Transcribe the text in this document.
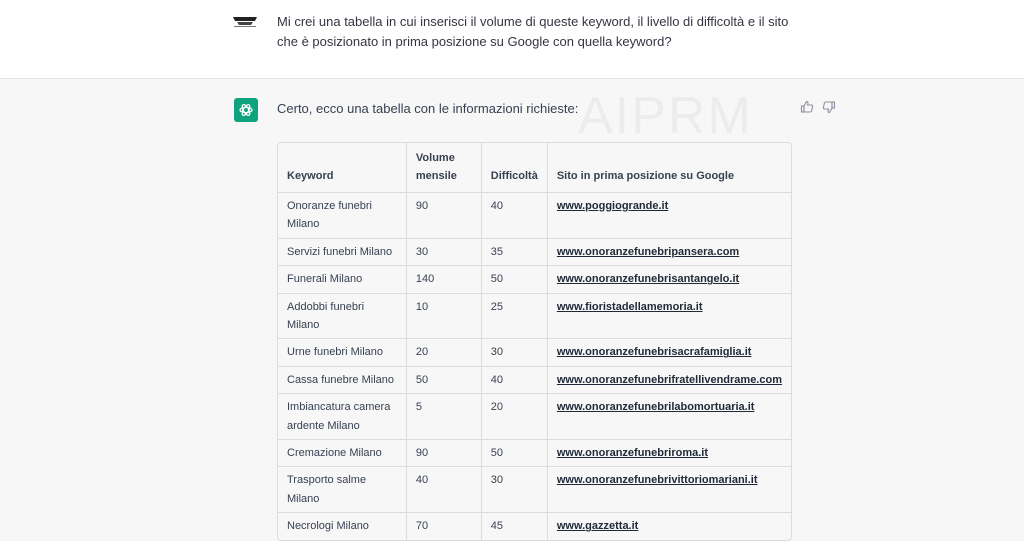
Mi crei una tabella in cui inserisci il volume di queste keyword, il livello di difficoltà e il sito che è posizionato in prima posizione su Google con quella keyword?
Certo, ecco una tabella con le informazioni richieste:
Keyword	Volume mensile	Difficoltà	Sito in prima posizione su Google
Onoranze funebri Milano	90	40	www.poggiogrande.it
Servizi funebri Milano	30	35	www.onoranzefunebripansera.com
Funerali Milano	140	50	www.onoranzefunebrisantangelo.it
Addobbi funebri Milano	10	25	www.fioristadellamemoria.it
Urne funebri Milano	20	30	www.onoranzefunebrisacrafamiglia.it
Cassa funebre Milano	50	40	www.onoranzefunebrifratellivendrame.com
Imbiancatura camera ardente Milano	5	20	www.onoranzefunebrilabomortuaria.it
Cremazione Milano	90	50	www.onoranzefunebriroma.it
Trasporto salme Milano	40	30	www.onoranzefunebrivittoriomariani.it
Necrologi Milano	70	45	www.gazzetta.it
